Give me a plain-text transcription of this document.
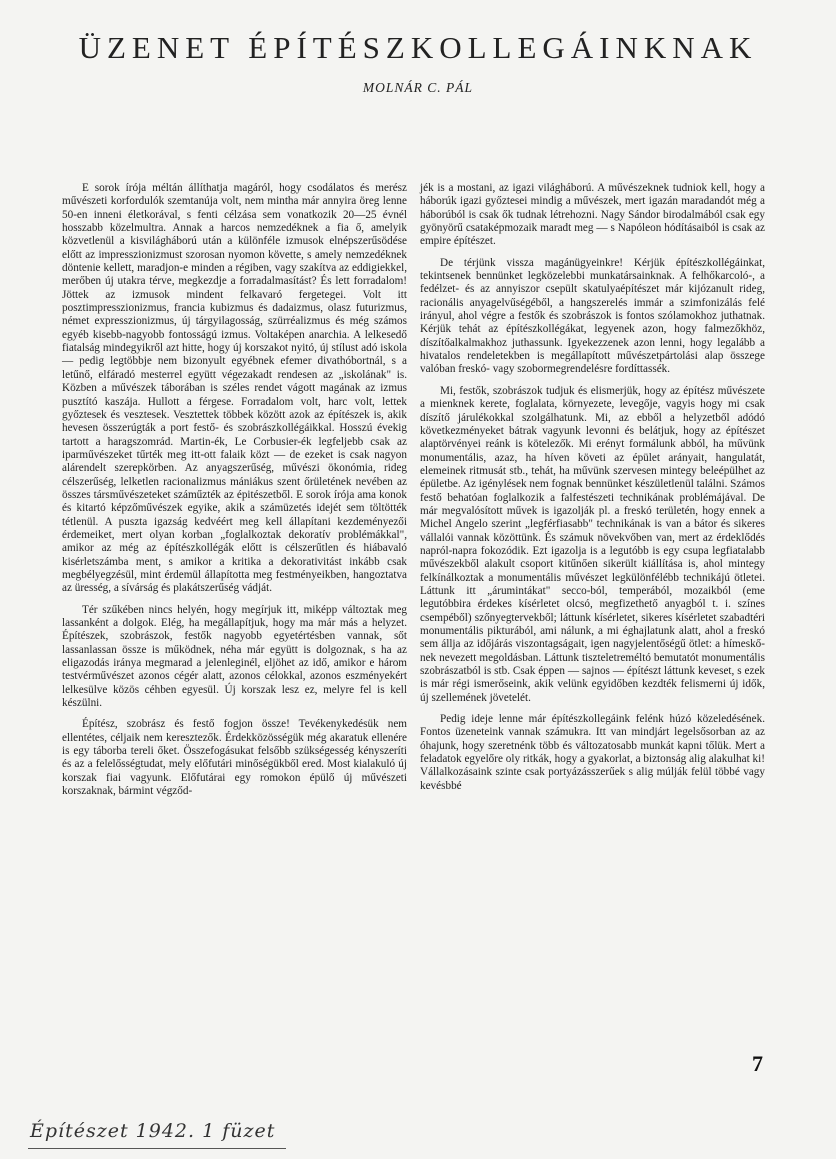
ÜZENET ÉPÍTÉSZKOLLEGÁINKNAK

MOLNÁR C. PÁL

E sorok írója méltán állíthatja magáról, hogy csodálatos és merész művészeti korfordulók szemtanúja volt, nem mintha már annyira öreg lenne 50-en inneni életkorával, s fenti célzása sem vonatkozik 20—25 évnél hosszabb közelmultra. Annak a harcos nemzedéknek a fia ő, amelyik közvetlenül a kisvilágháború után a különféle izmusok elnépszerűsödése előtt az impresszionizmust szorosan nyomon követte, s amely nemzedéknek döntenie kellett, maradjon-e minden a régiben, vagy szakítva az eddigiekkel, merőben új utakra térve, megkezdje a forradalmasítást? És lett forradalom! Jöttek az izmusok mindent felkavaró fergetegei. Volt itt posztimpresszionizmus, francia kubizmus és dadaizmus, olasz futurizmus, német expresszionizmus, új tárgyilagosság, szürréalizmus és még számos egyéb kisebb-nagyobb fontosságú izmus. Voltaképen anarchia. A lelkesedő fiatalság mindegyikről azt hitte, hogy új korszakot nyitó, új stílust adó iskola — pedig legtöbbje nem bizonyult egyébnek efemer divathóbortnál, s a letűnő, elfáradó mesterrel együtt végezakadt rendesen az „iskolának" is. Közben a művészek táborában is széles rendet vágott magának az izmus pusztító kaszája. Hullott a férgese. Forradalom volt, harc volt, lettek győztesek és vesztesek. Vesztettek többek között azok az építészek is, akik hevesen összerúgták a port festő- és szobrászkollégáikkal. Hosszú évekig tartott a haragszomrád. Martin-ék, Le Corbusier-ék legfeljebb csak az iparművészeket tűrték meg itt-ott falaik közt — de ezeket is csak nagyon alárendelt szerepkörben. Az anyagszerűség, művészi ökonómia, rideg célszerűség, lelketlen racionalizmus mániákus szent őrületének nevében az összes társművészeteket száműzték az épitészetből. E sorok írója ama konok és kitartó képzőművészek egyike, akik a számüzetés idejét sem töltötték tétlenül. A puszta igazság kedvéért meg kell állapítani kezdeményezői érdemeiket, mert olyan korban „foglalkoztak dekoratív problémákkal", amikor az még az építészkollégák előtt is célszerűtlen és hiábavaló kisérletszámba ment, s amikor a kritika a dekorativitást inkább csak megbélyegzésül, mint érdemül állapította meg festményeikben, hangoztatva az üresség, a sívárság és plakátszerűség vádját.

Tér szűkében nincs helyén, hogy megírjuk itt, miképp változtak meg lassanként a dolgok. Elég, ha megállapítjuk, hogy ma már más a helyzet. Építészek, szobrászok, festők nagyobb egyetértésben vannak, sőt lassanlassan össze is működnek, néha már együtt is dolgoznak, s ha az eligazodás iránya megmarad a jelenleginél, eljöhet az idő, amikor e három testvérművészet azonos cégér alatt, azonos célokkal, azonos eszményekért lelkesülve közös céhben egyesül. Új korszak lesz ez, melyre fel is kell készülni.

Építész, szobrász és festő fogjon össze! Tevékenykedésük nem ellentétes, céljaik nem keresztezők. Érdekközösségük még akaratuk ellenére is egy táborba tereli őket. Összefogásukat felsőbb szükségesség kényszeríti és az a felelősségtudat, mely előfutári minőségükből ered. Most kialakuló új korszak fiai vagyunk. Előfutárai egy romokon épülő új művészeti korszaknak, bármint végződ-

jék is a mostani, az igazi világháború. A művészeknek tudniok kell, hogy a háborúk igazi győztesei mindig a művészek, mert igazán maradandót még a háborúból is csak ők tudnak létrehozni. Nagy Sándor birodalmából csak egy gyönyörű csataképmozaik maradt meg — s Napóleon hódításaiból is csak az empire építészet.

De térjünk vissza magánügyeinkre! Kérjük építészkollégáinkat, tekintsenek bennünket legközelebbi munkatársainknak. A felhőkarcoló-, a fedélzet- és az annyiszor csepült skatulyaépítészet már kijózanult rideg, racionális anyagelvűségéből, a hangszerelés immár a szimfonizálás felé irányul, ahol végre a festők és szobrászok is fontos szólamokhoz juthatnak. Kérjük tehát az építészkollégákat, legyenek azon, hogy falmezőkhöz, díszítőalkalmakhoz juthassunk. Igyekezzenek azon lenni, hogy legalább a hivatalos rendeletekben is megállapított művészetpártolási alap összege valóban freskó- vagy szobormegrendelésre fordíttassék.

Mi, festők, szobrászok tudjuk és elismerjük, hogy az építész művészete a mienknek kerete, foglalata, környezete, levegője, vagyis hogy mi csak díszítő járulékokkal szolgálhatunk. Mi, az ebből a helyzetből adódó következményeket bátrak vagyunk levonni és belátjuk, hogy az építészet alaptörvényei reánk is kötelezők. Mi erényt formálunk abból, ha művünk monumentális, azaz, ha híven követi az épület arányait, hangulatát, elemeinek ritmusát stb., tehát, ha művünk szervesen mintegy beleépülhet az épületbe. Az igénylések nem fognak bennünket készületlenül találni. Számos festő behatóan foglalkozik a falfestészeti technikának problémájával. De már megvalósított művek is igazolják pl. a freskó területén, hogy ennek a Michel Angelo szerint „legférfiasabb" technikának is van a bátor és sikeres vállalói vannak közöttünk. És számuk növekvőben van, mert az érdeklődés napról-napra fokozódik. Ezt igazolja is a legutóbb is egy csupa legfiatalabb művészekből alakult csoport kitűnően sikerült kiállítása is, ahol mintegy felkínálkoztak a monumentális művészet legkülönfélébb technikájú ötletei. Láttunk itt „árumintákat" secco-ból, temperából, mozaikból (eme legutóbbira érdekes kísérletet olcsó, megfizethető anyagból t. i. színes csempéből) szőnyegtervekből; láttunk kísérletet, sikeres kísérletet szabadtéri monumentális pikturából, ami nálunk, a mi éghajlatunk alatt, ahol a freskó sem állja az időjárás viszontagságait, igen nagyjelentőségű ötlet: a hímeskő-nek nevezett megoldásban. Láttunk tiszteletreméltó bemutatót monumentális szobrászatból is stb. Csak éppen — sajnos — építészt láttunk keveset, s ezek is már régi ismerőseink, akik velünk egyidőben kezdték felismerni új idők, új szellemének jövetelét.

Pedig ideje lenne már építészkollegáink felénk húzó közeledésének. Fontos üzeneteink vannak számukra. Itt van mindjárt legelsősorban az az óhajunk, hogy szeretnénk több és változatosabb munkát kapni tőlük. Mert a feladatok egyelőre oly ritkák, hogy a gyakorlat, a biztonság alig alakulhat ki! Vállalkozásaink szinte csak portyázásszerűek s alig múlják felül többé vagy kevésbbé

7

Építészet 1942. 1 füzet
